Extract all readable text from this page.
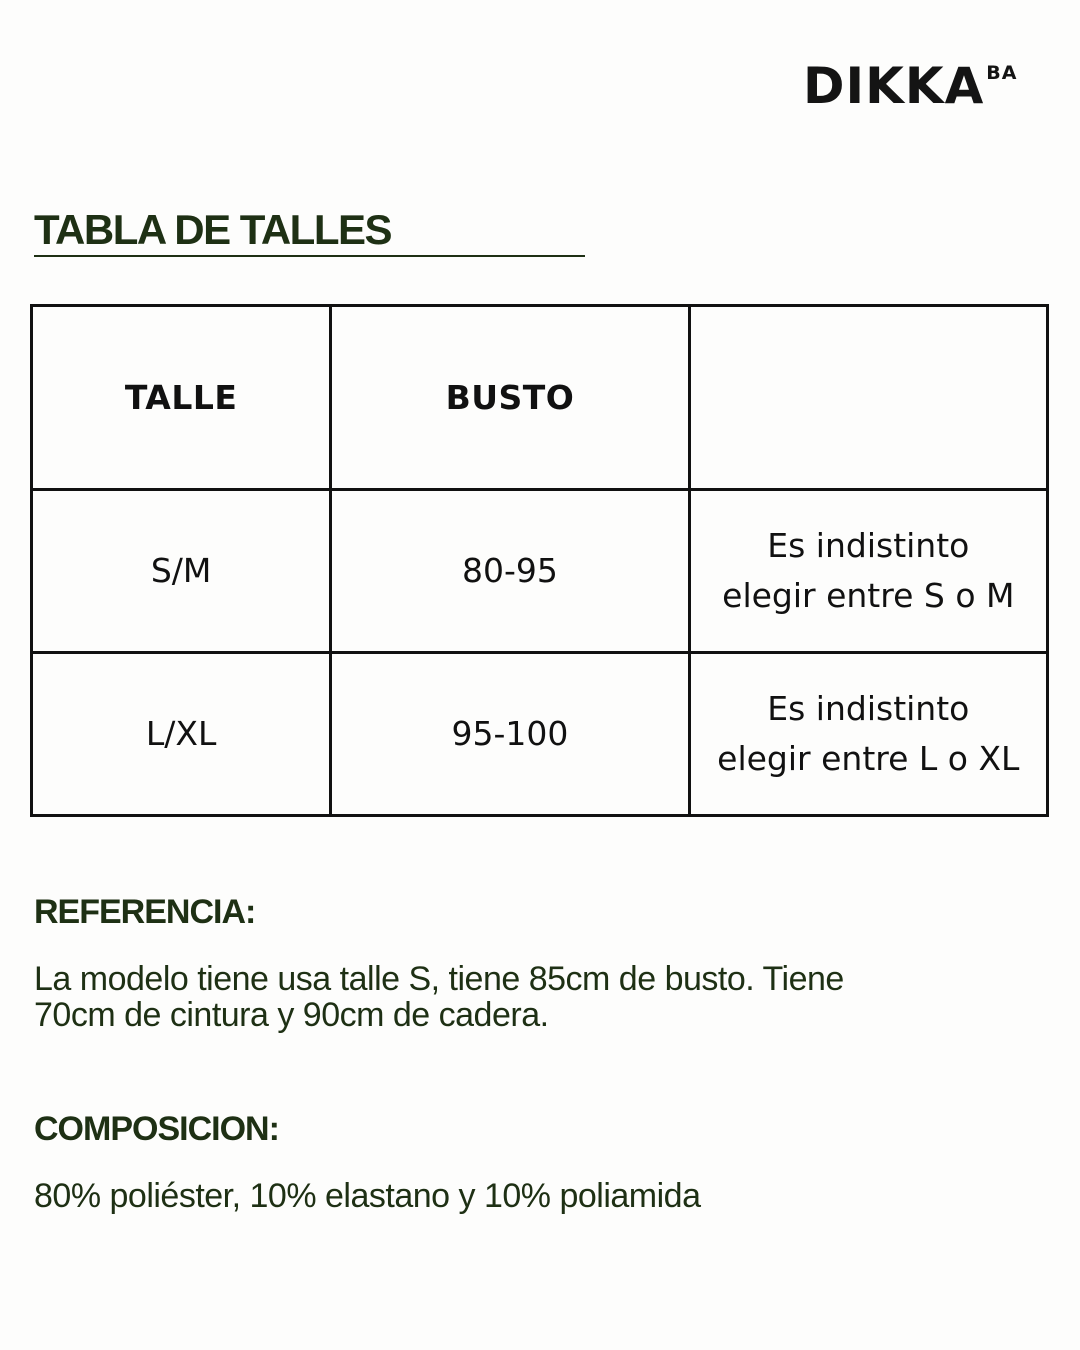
DIKKA BA
TABLA DE TALLES
TALLE	BUSTO	
S/M	80-95	Es indistinto
elegir entre S o M

L/XL	95-100	Es indistinto
elegir entre L o XL
REFERENCIA:
La modelo tiene usa talle S, tiene 85cm de busto. Tiene
70cm de cintura y 90cm de cadera.
COMPOSICION:
80% poliéster, 10% elastano y 10% poliamida
